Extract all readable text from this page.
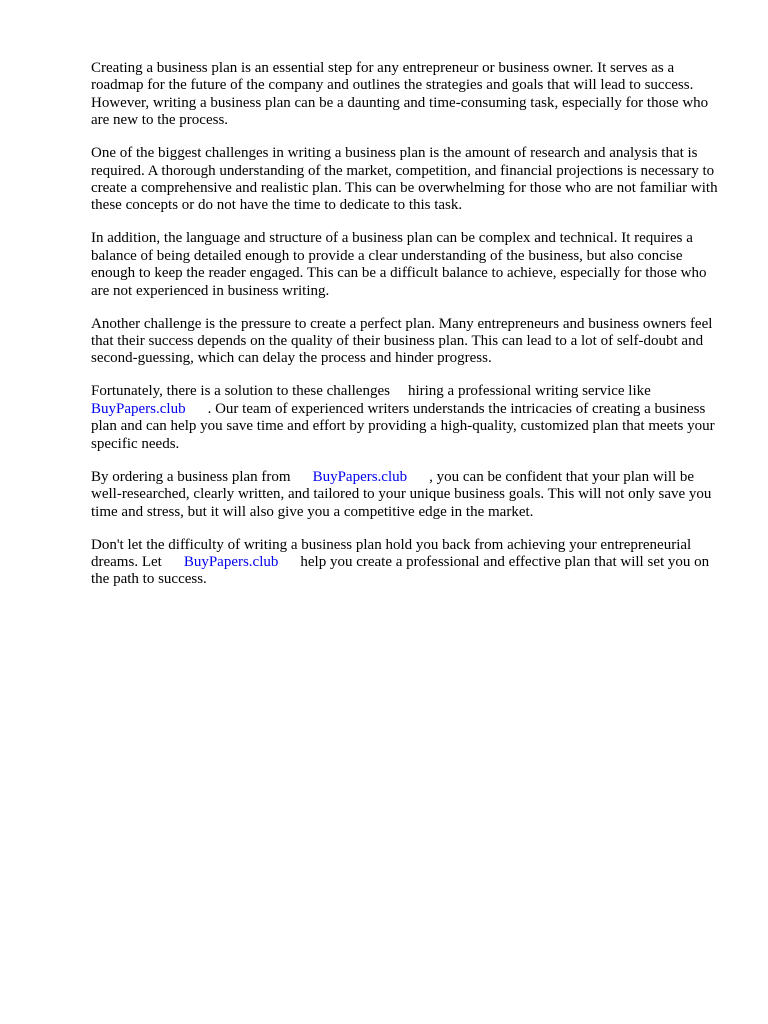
Creating a business plan is an essential step for any entrepreneur or business owner. It serves as a roadmap for the future of the company and outlines the strategies and goals that will lead to success. However, writing a business plan can be a daunting and time-consuming task, especially for those who are new to the process.

One of the biggest challenges in writing a business plan is the amount of research and analysis that is required. A thorough understanding of the market, competition, and financial projections is necessary to create a comprehensive and realistic plan. This can be overwhelming for those who are not familiar with these concepts or do not have the time to dedicate to this task.

In addition, the language and structure of a business plan can be complex and technical. It requires a balance of being detailed enough to provide a clear understanding of the business, but also concise enough to keep the reader engaged. This can be a difficult balance to achieve, especially for those who are not experienced in business writing.

Another challenge is the pressure to create a perfect plan. Many entrepreneurs and business owners feel that their success depends on the quality of their business plan. This can lead to a lot of self-doubt and second-guessing, which can delay the process and hinder progress.

Fortunately, there is a solution to these challenges hiring a professional writing service like BuyPapers.club . Our team of experienced writers understands the intricacies of creating a business plan and can help you save time and effort by providing a high-quality, customized plan that meets your specific needs.

By ordering a business plan from BuyPapers.club , you can be confident that your plan will be well-researched, clearly written, and tailored to your unique business goals. This will not only save you time and stress, but it will also give you a competitive edge in the market.

Don't let the difficulty of writing a business plan hold you back from achieving your entrepreneurial dreams. Let BuyPapers.club help you create a professional and effective plan that will set you on the path to success.
